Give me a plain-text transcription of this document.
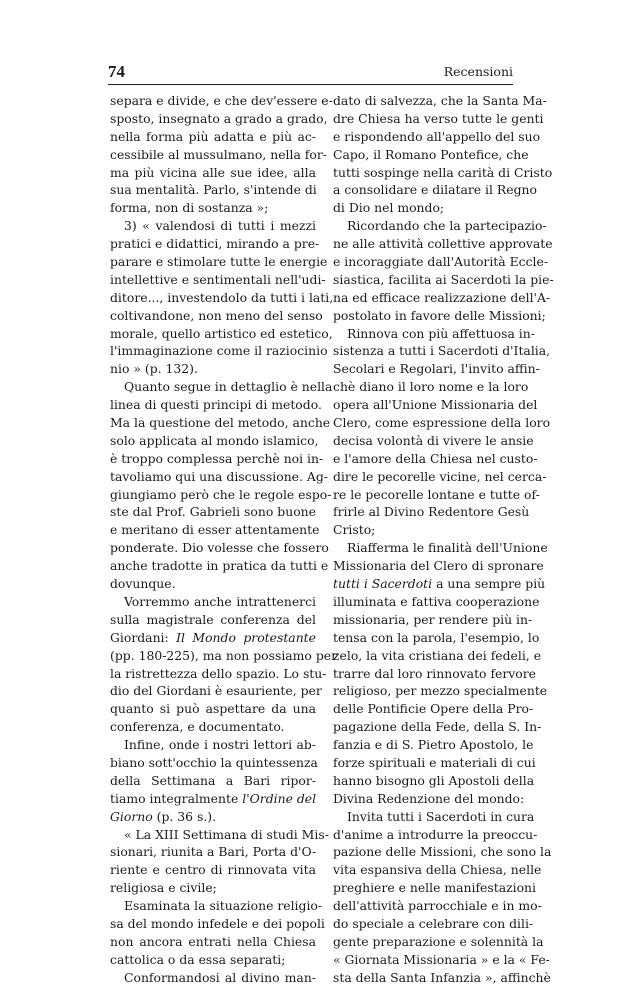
74	Recensioni
separa e divide, e che dev'essere e-
sposto, insegnato a grado a grado,
nella forma più adatta e più ac-
cessibile al mussulmano, nella for-
ma più vicina alle sue idee, alla
sua mentalità. Parlo, s'intende di
forma, non di sostanza »;
3) « valendosi di tutti i mezzi
pratici e didattici, mirando a pre-
parare e stimolare tutte le energie
intellettive e sentimentali nell'udi-
ditore..., investendolo da tutti i lati,
coltivandone, non meno del senso
morale, quello artistico ed estetico,
l'immaginazione come il raziocinio
nio » (p. 132).
Quanto segue in dettaglio è nella
linea di questi principi di metodo.
Ma la questione del metodo, anche
solo applicata al mondo islamico,
è troppo complessa perchè noi in-
tavoliamo qui una discussione. Ag-
giungiamo però che le regole espo-
ste dal Prof. Gabrieli sono buone
e meritano di esser attentamente
ponderate. Dio volesse che fossero
anche tradotte in pratica da tutti e
dovunque.
Vorremmo anche intrattenerci
sulla magistrale conferenza del
Giordani: Il Mondo protestante
(pp. 180-225), ma non possiamo per
la ristrettezza dello spazio. Lo stu-
dio del Giordani è esauriente, per
quanto si può aspettare da una
conferenza, e documentato.
Infine, onde i nostri lettori ab-
biano sott'occhio la quintessenza
della Settimana a Bari ripor-
tiamo integralmente l'Ordine del
Giorno (p. 36 s.).
« La XIII Settimana di studi Mis-
sionari, riunita a Bari, Porta d'O-
riente e centro di rinnovata vita
religiosa e civile;
Esaminata la situazione religio-
sa del mondo infedele e dei popoli
non ancora entrati nella Chiesa
cattolica o da essa separati;
Conformandosi al divino man-
dato di salvezza, che la Santa Ma-
dre Chiesa ha verso tutte le genti
e rispondendo all'appello del suo
Capo, il Romano Pontefice, che
tutti sospinge nella carità di Cristo
a consolidare e dilatare il Regno
di Dio nel mondo;
Ricordando che la partecipazio-
ne alle attività collettive approvate
e incoraggiate dall'Autorità Eccle-
siastica, facilita ai Sacerdoti la pie-
na ed efficace realizzazione dell'A-
postolato in favore delle Missioni;
Rinnova con più affettuosa in-
sistenza a tutti i Sacerdoti d'Italia,
Secolari e Regolari, l'invito affin-
chè diano il loro nome e la loro
opera all'Unione Missionaria del
Clero, come espressione della loro
decisa volontà di vivere le ansie
e l'amore della Chiesa nel custo-
dire le pecorelle vicine, nel cerca-
re le pecorelle lontane e tutte of-
frirle al Divino Redentore Gesù
Cristo;
Riafferma le finalità dell'Unione
Missionaria del Clero di spronare
tutti i Sacerdoti a una sempre più
illuminata e fattiva cooperazione
missionaria, per rendere più in-
tensa con la parola, l'esempio, lo
zelo, la vita cristiana dei fedeli, e
trarre dal loro rinnovato fervore
religioso, per mezzo specialmente
delle Pontificie Opere della Pro-
pagazione della Fede, della S. In-
fanzia e di S. Pietro Apostolo, le
forze spirituali e materiali di cui
hanno bisogno gli Apostoli della
Divina Redenzione del mondo:
Invita tutti i Sacerdoti in cura
d'anime a introdurre la preoccu-
pazione delle Missioni, che sono la
vita espansiva della Chiesa, nelle
preghiere e nelle manifestazioni
dell'attività parrocchiale e in mo-
do speciale a celebrare con dili-
gente preparazione e solennità la
« Giornata Missionaria » e la « Fe-
sta della Santa Infanzia », affinchè
